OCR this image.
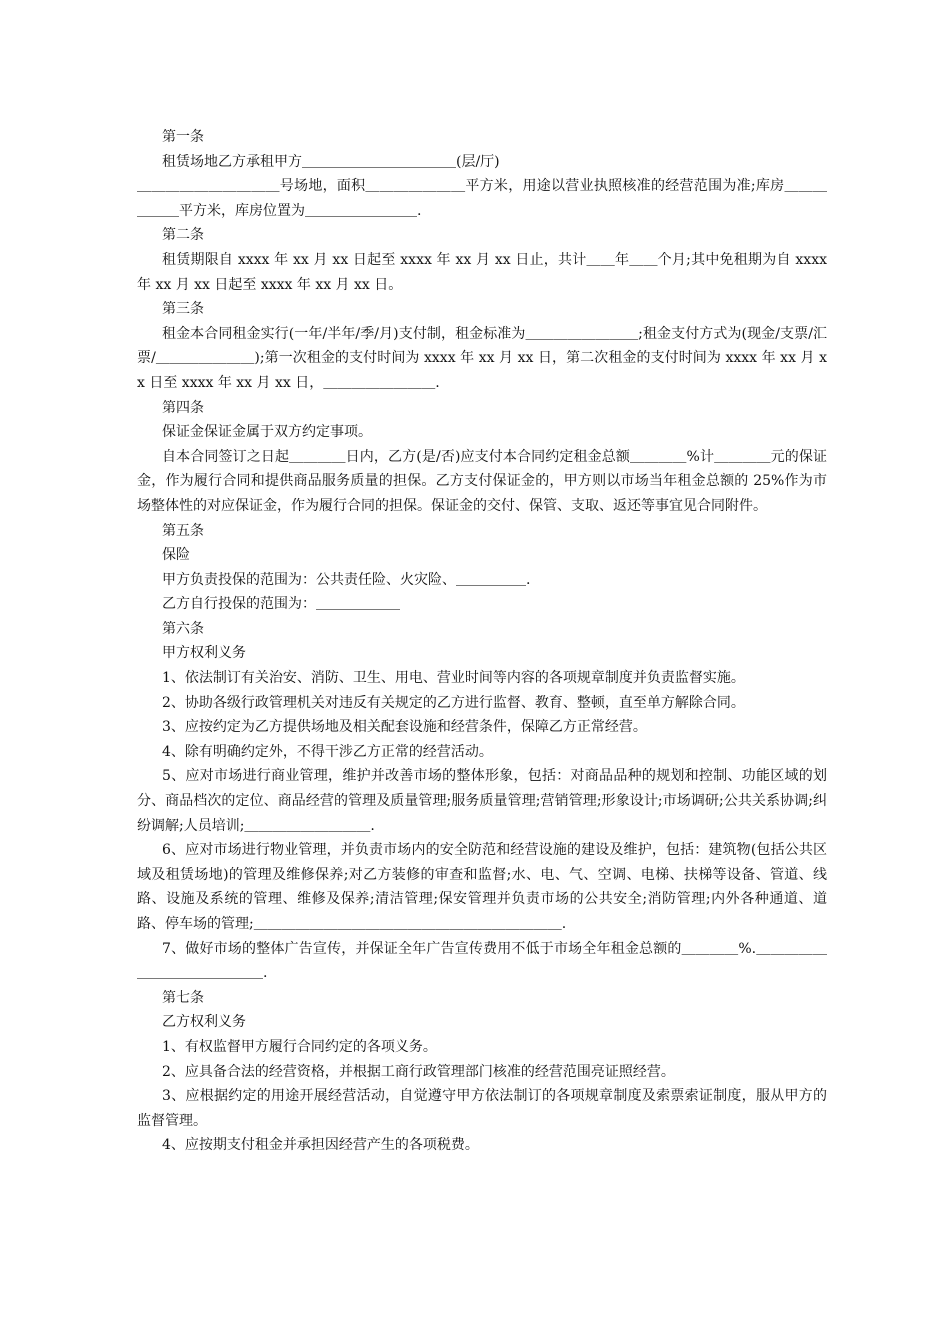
第一条

租赁场地乙方承租甲方＿＿＿＿＿＿＿＿＿＿＿(层/厅)

＿＿＿＿＿＿＿＿＿＿号场地，面积＿＿＿＿＿＿＿平方米，用途以营业执照核准的经营范围为准;库房＿＿＿＿＿＿平方米，库房位置为＿＿＿＿＿＿＿＿.

第二条

租赁期限自 xxxx 年 xx 月 xx 日起至 xxxx 年 xx 月 xx 日止，共计＿＿年＿＿个月;其中免租期为自 xxxx 年 xx 月 xx 日起至 xxxx 年 xx 月 xx 日。

第三条

租金本合同租金实行(一年/半年/季/月)支付制，租金标准为＿＿＿＿＿＿＿＿;租金支付方式为(现金/支票/汇票/＿＿＿＿＿＿＿);第一次租金的支付时间为 xxxx 年 xx 月 xx 日，第二次租金的支付时间为 xxxx 年 xx 月 xx 日至 xxxx 年 xx 月 xx 日，＿＿＿＿＿＿＿＿.

第四条

保证金保证金属于双方约定事项。

自本合同签订之日起＿＿＿＿日内，乙方(是/否)应支付本合同约定租金总额＿＿＿＿%计＿＿＿＿元的保证金，作为履行合同和提供商品服务质量的担保。乙方支付保证金的，甲方则以市场当年租金总额的 25%作为市场整体性的对应保证金，作为履行合同的担保。保证金的交付、保管、支取、返还等事宜见合同附件。

第五条

保险

甲方负责投保的范围为：公共责任险、火灾险、＿＿＿＿＿.

乙方自行投保的范围为：＿＿＿＿＿＿

第六条

甲方权利义务

1、依法制订有关治安、消防、卫生、用电、营业时间等内容的各项规章制度并负责监督实施。

2、协助各级行政管理机关对违反有关规定的乙方进行监督、教育、整顿，直至单方解除合同。

3、应按约定为乙方提供场地及相关配套设施和经营条件，保障乙方正常经营。

4、除有明确约定外，不得干涉乙方正常的经营活动。

5、应对市场进行商业管理，维护并改善市场的整体形象，包括：对商品品种的规划和控制、功能区域的划分、商品档次的定位、商品经营的管理及质量管理;服务质量管理;营销管理;形象设计;市场调研;公共关系协调;纠纷调解;人员培训;＿＿＿＿＿＿＿＿＿.

6、应对市场进行物业管理，并负责市场内的安全防范和经营设施的建设及维护，包括：建筑物(包括公共区域及租赁场地)的管理及维修保养;对乙方装修的审查和监督;水、电、气、空调、电梯、扶梯等设备、管道、线路、设施及系统的管理、维修及保养;清洁管理;保安管理并负责市场的公共安全;消防管理;内外各种通道、道路、停车场的管理;＿＿＿＿＿＿＿＿＿＿＿＿＿＿＿＿＿＿＿＿＿＿.

7、做好市场的整体广告宣传，并保证全年广告宣传费用不低于市场全年租金总额的＿＿＿＿%.＿＿＿＿＿＿＿＿＿＿＿＿＿＿.

第七条

乙方权利义务

1、有权监督甲方履行合同约定的各项义务。

2、应具备合法的经营资格，并根据工商行政管理部门核准的经营范围亮证照经营。

3、应根据约定的用途开展经营活动，自觉遵守甲方依法制订的各项规章制度及索票索证制度，服从甲方的监督管理。

4、应按期支付租金并承担因经营产生的各项税费。
